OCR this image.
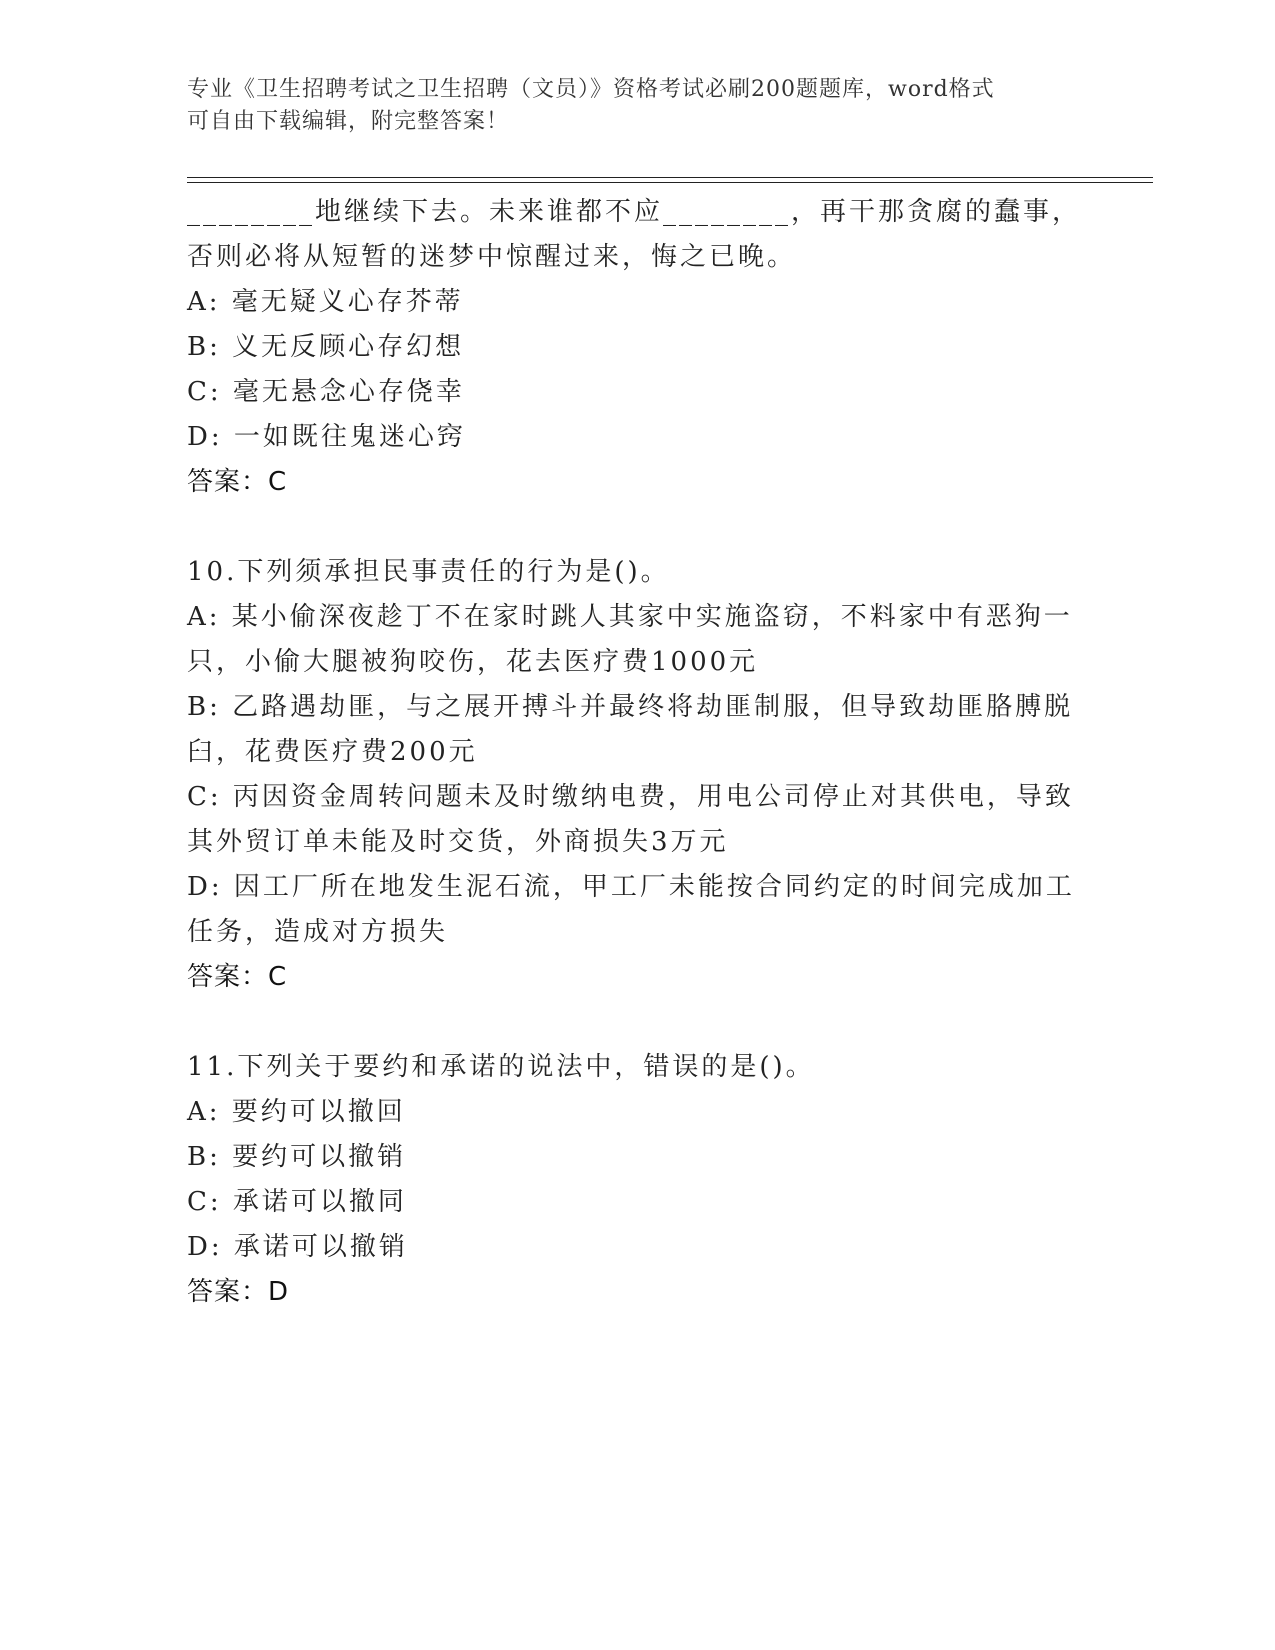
专业《卫生招聘考试之卫生招聘（文员）》资格考试必刷200题题库，word格式
可自由下载编辑，附完整答案！
________地继续下去。未来谁都不应________，再干那贪腐的蠢事，
否则必将从短暂的迷梦中惊醒过来，悔之已晚。
A: 毫无疑义心存芥蒂
B: 义无反顾心存幻想
C: 毫无悬念心存侥幸
D: 一如既往鬼迷心窍
答案：C
10.下列须承担民事责任的行为是()。
A: 某小偷深夜趁丁不在家时跳人其家中实施盗窃，不料家中有恶狗一
只，小偷大腿被狗咬伤，花去医疗费1000元
B: 乙路遇劫匪，与之展开搏斗并最终将劫匪制服，但导致劫匪胳膊脱
臼，花费医疗费200元
C: 丙因资金周转问题未及时缴纳电费，用电公司停止对其供电，导致
其外贸订单未能及时交货，外商损失3万元
D: 因工厂所在地发生泥石流，甲工厂未能按合同约定的时间完成加工
任务，造成对方损失
答案：C
11.下列关于要约和承诺的说法中，错误的是()。
A: 要约可以撤回
B: 要约可以撤销
C: 承诺可以撤同
D: 承诺可以撤销
答案：D
